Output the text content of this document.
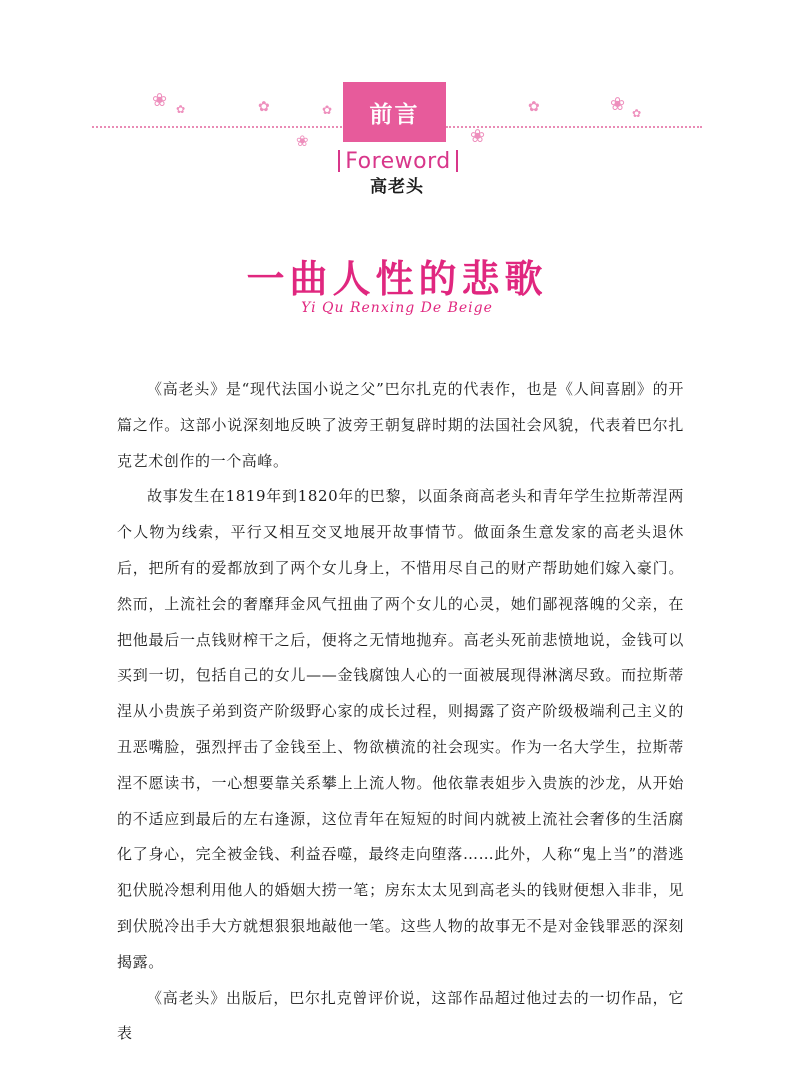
❀ ✿	✿
❀
✿
❀
✿	❀ ✿
前言
Foreword
高老头
一曲人性的悲歌
Yi Qu Renxing De Beige

《高老头》是“现代法国小说之父”巴尔扎克的代表作，也是《人间喜剧》的开篇之作。这部小说深刻地反映了波旁王朝复辟时期的法国社会风貌，代表着巴尔扎克艺术创作的一个高峰。

故事发生在1819年到1820年的巴黎，以面条商高老头和青年学生拉斯蒂涅两个人物为线索，平行又相互交叉地展开故事情节。做面条生意发家的高老头退休后，把所有的爱都放到了两个女儿身上，不惜用尽自己的财产帮助她们嫁入豪门。然而，上流社会的奢靡拜金风气扭曲了两个女儿的心灵，她们鄙视落魄的父亲，在把他最后一点钱财榨干之后，便将之无情地抛弃。高老头死前悲愤地说，金钱可以买到一切，包括自己的女儿——金钱腐蚀人心的一面被展现得淋漓尽致。而拉斯蒂涅从小贵族子弟到资产阶级野心家的成长过程，则揭露了资产阶级极端利己主义的丑恶嘴脸，强烈抨击了金钱至上、物欲横流的社会现实。作为一名大学生，拉斯蒂涅不愿读书，一心想要靠关系攀上上流人物。他依靠表姐步入贵族的沙龙，从开始的不适应到最后的左右逢源，这位青年在短短的时间内就被上流社会奢侈的生活腐化了身心，完全被金钱、利益吞噬，最终走向堕落……此外，人称“鬼上当”的潜逃犯伏脱冷想利用他人的婚姻大捞一笔；房东太太见到高老头的钱财便想入非非，见到伏脱冷出手大方就想狠狠地敲他一笔。这些人物的故事无不是对金钱罪恶的深刻揭露。

《高老头》出版后，巴尔扎克曾评价说，这部作品超过他过去的一切作品，它表
